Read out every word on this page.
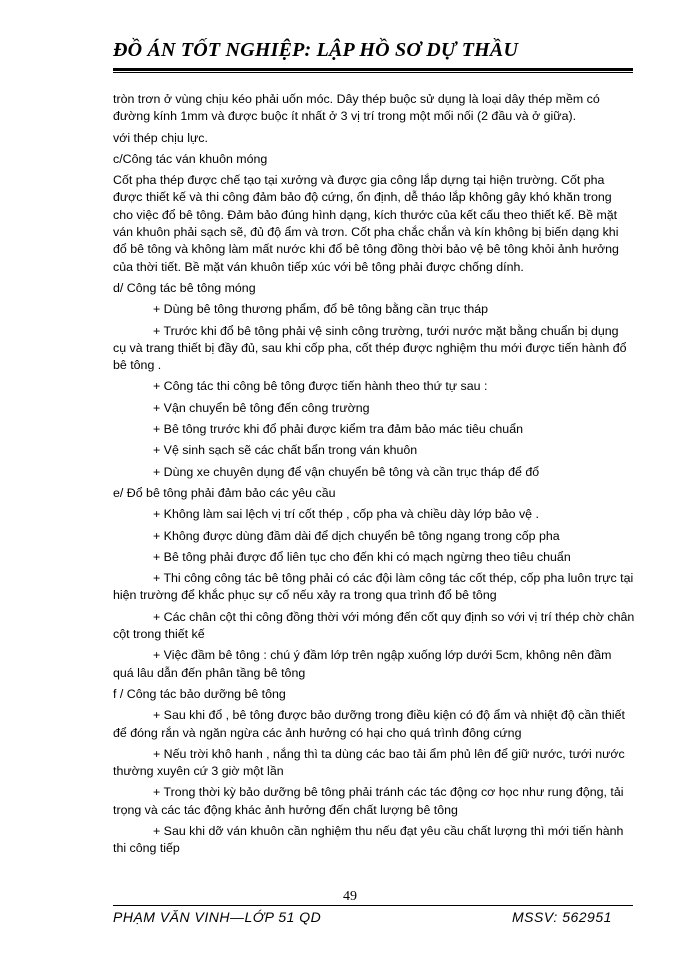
ĐỒ ÁN TỐT NGHIỆP: LẬP HỒ SƠ DỰ THẦU

tròn trơn ở vùng chịu kéo phải uốn móc. Dây thép buộc sử dụng là loại dây thép mềm có đường kính 1mm và được buộc ít nhất ở 3 vị trí trong một mối nối (2 đầu và ở giữa).

với thép chịu lực.

c/Công tác ván khuôn móng

Cốt pha thép được chế tạo tại xưởng và được gia công lắp dựng tại hiện trường. Cốt pha được thiết kế và thi công đảm bảo độ cứng, ổn định, dễ tháo lắp không gây khó khăn trong cho việc đổ bê tông. Đảm bảo đúng hình dạng, kích thước của kết cấu theo thiết kế. Bề mặt ván khuôn phải sạch sẽ, đủ độ ẩm và trơn. Cốt pha chắc chắn và kín không bị biến dạng khi đổ bê tông và không làm mất nước khi đổ bê tông đồng thời bảo vệ bê tông khỏi ảnh hưởng của thời tiết. Bề mặt ván khuôn tiếp xúc với bê tông phải được chống dính.

d/ Công tác bê tông móng

+ Dùng bê tông thương phẩm, đổ bê tông bằng cần trục tháp

+ Trước khi đổ bê tông phải vệ sinh công trường, tưới nước mặt bằng chuẩn bị dụng cụ và trang thiết bị đầy đủ, sau khi cốp pha, cốt thép được nghiệm thu mới được tiến hành đổ bê tông .

+ Công tác thi công bê tông được tiến hành theo thứ tự sau :

+ Vận chuyển bê tông đến công trường

+ Bê tông trước khi đổ phải được kiểm tra đảm bảo mác tiêu chuẩn

+ Vệ sinh sạch sẽ các chất bẩn trong ván khuôn

+ Dùng xe chuyên dụng để vận chuyển bê tông và cần trục tháp để đổ

e/ Đổ bê tông phải đảm bảo các yêu cầu

+ Không làm sai lệch vị trí cốt thép , cốp pha và chiều dày lớp bảo vệ .

+ Không được dùng đầm dài để dịch chuyển bê tông ngang trong cốp pha

+ Bê tông phải được đổ liên tục cho đến khi có mạch ngừng theo tiêu chuẩn

+ Thi công công tác bê tông phải có các đội làm công tác cốt thép, cốp pha luôn trực tại hiện trường để khắc phục sự cố nếu xảy ra trong qua trình đổ bê tông

+ Các chân cột thi công đồng thời với móng đến cốt quy định so với vị trí thép chờ chân cột trong thiết kế

+ Việc đầm bê tông : chú ý đầm lớp trên ngập xuống lớp dưới 5cm, không nên đầm quá lâu dẫn đến phân tầng bê tông

f / Công tác bảo dưỡng bê tông

+ Sau khi đổ , bê tông được bảo dưỡng trong điều kiện có độ ẩm và nhiệt độ cần thiết để đóng rắn và ngăn ngừa các ảnh hưởng có hại cho quá trình đông cứng

+ Nếu trời khô hanh , nắng thì ta dùng các bao tải ẩm phủ lên để giữ nước, tưới nước thường xuyên cứ 3 giờ một lần

+ Trong thời kỳ bảo dưỡng bê tông phải tránh các tác động cơ học như rung động, tải trọng và các tác động khác ảnh hưởng đến chất lượng bê tông

+ Sau khi dỡ ván khuôn cần nghiệm thu nếu đạt yêu cầu chất lượng thì mới tiến hành thi công tiếp

49
PHẠM VĂN VINH—LỚP 51 QD	MSSV: 562951
